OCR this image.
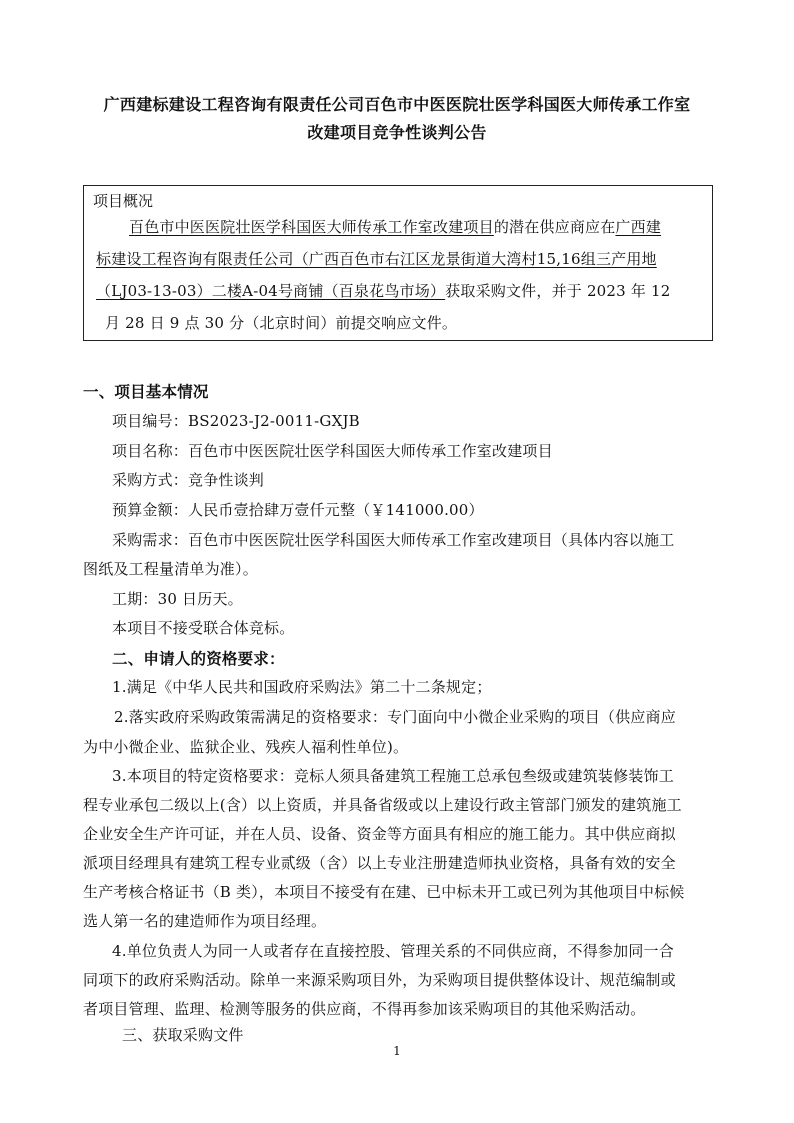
广西建标建设工程咨询有限责任公司百色市中医医院壮医学科国医大师传承工作室
改建项目竞争性谈判公告
项目概况
百色市中医医院壮医学科国医大师传承工作室改建项目的潜在供应商应在广西建
标建设工程咨询有限责任公司（广西百色市右江区龙景街道大湾村15,16组三产用地
（LJ03-13-03）二楼A-04号商铺（百泉花鸟市场）获取采购文件，并于 2023 年 12
月 28 日 9 点 30 分（北京时间）前提交响应文件。
一、项目基本情况
项目编号：BS2023-J2-0011-GXJB
项目名称：百色市中医医院壮医学科国医大师传承工作室改建项目
采购方式：竞争性谈判
预算金额：人民币壹拾肆万壹仟元整（￥141000.00）
采购需求：百色市中医医院壮医学科国医大师传承工作室改建项目（具体内容以施工
图纸及工程量清单为准）。
工期：30 日历天。
本项目不接受联合体竞标。
二、申请人的资格要求：
1.满足《中华人民共和国政府采购法》第二十二条规定；
2.落实政府采购政策需满足的资格要求：专门面向中小微企业采购的项目（供应商应
为中小微企业、监狱企业、残疾人福利性单位)。
3.本项目的特定资格要求：竞标人须具备建筑工程施工总承包叁级或建筑装修装饰工
程专业承包二级以上(含）以上资质，并具备省级或以上建设行政主管部门颁发的建筑施工
企业安全生产许可证，并在人员、设备、资金等方面具有相应的施工能力。其中供应商拟
派项目经理具有建筑工程专业贰级（含）以上专业注册建造师执业资格，具备有效的安全
生产考核合格证书（B 类），本项目不接受有在建、已中标未开工或已列为其他项目中标候
选人第一名的建造师作为项目经理。
4.单位负责人为同一人或者存在直接控股、管理关系的不同供应商，不得参加同一合
同项下的政府采购活动。除单一来源采购项目外，为采购项目提供整体设计、规范编制或
者项目管理、监理、检测等服务的供应商，不得再参加该采购项目的其他采购活动。
三、获取采购文件
1
